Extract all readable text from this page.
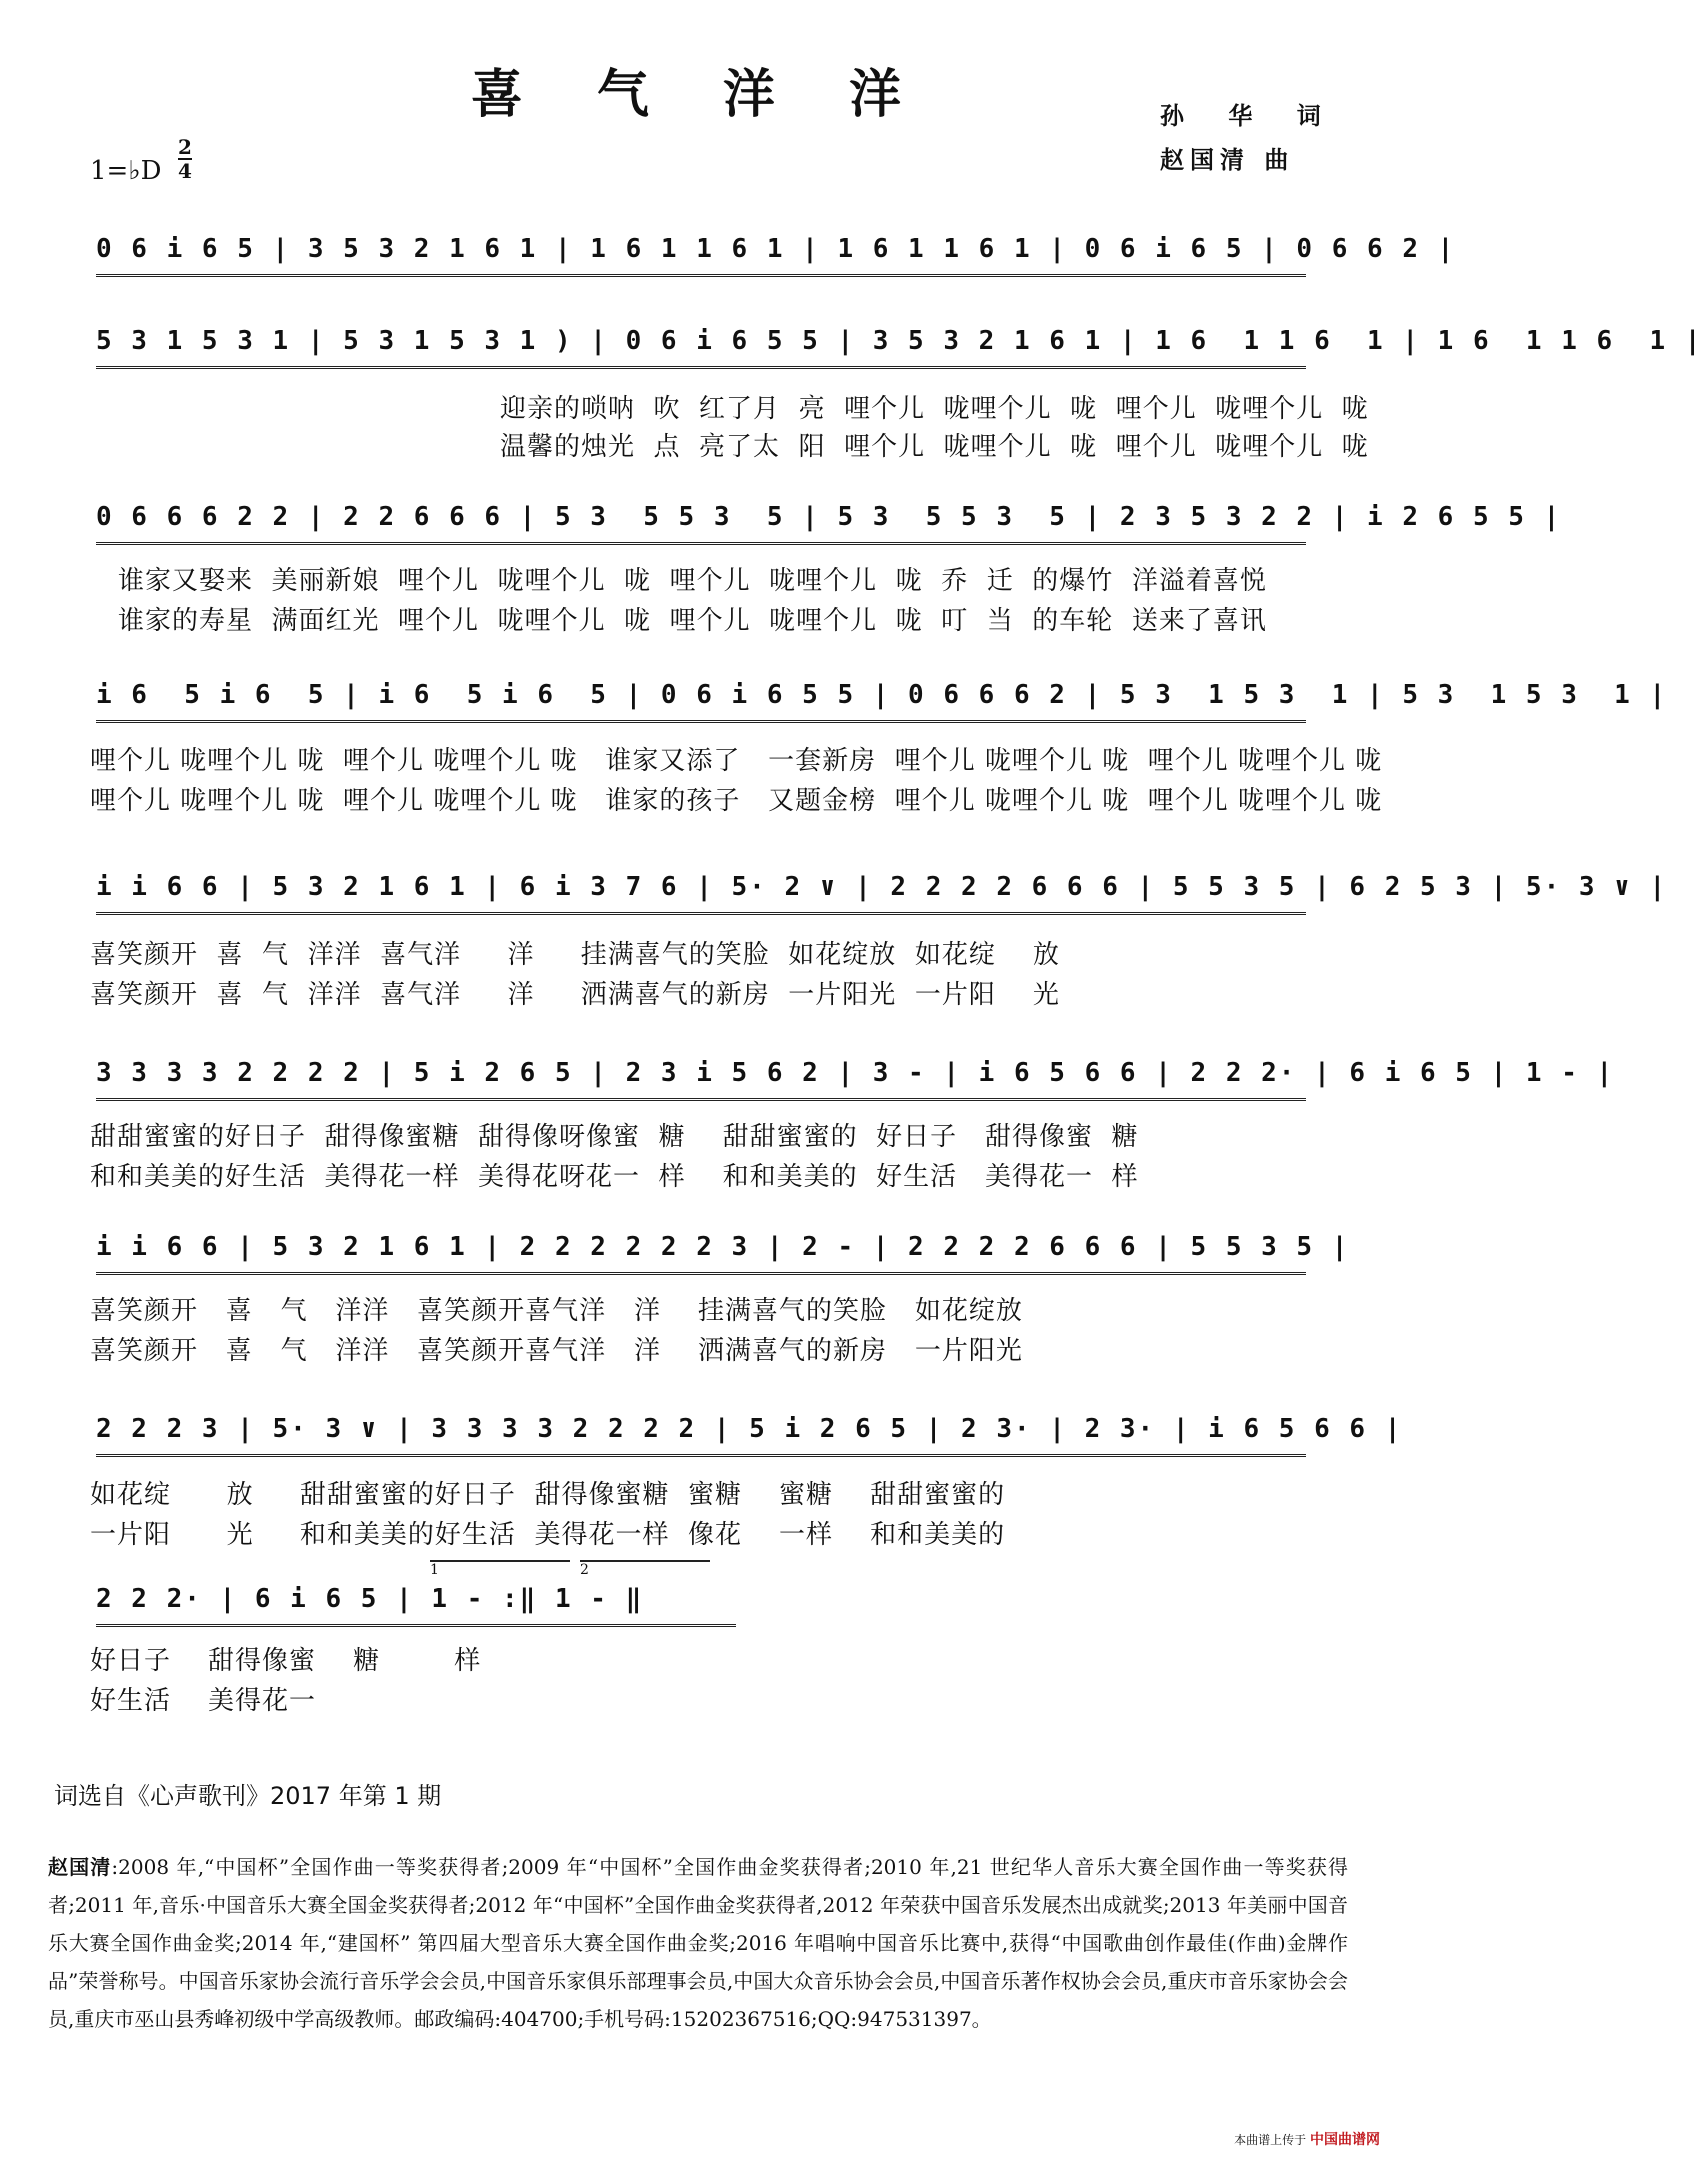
喜 气 洋 洋	孙 华 词
赵国清 曲
1=♭D
2
4
0 6 i 6 5 | 3 5 3 2 1 6 1 | 1 6 1 1 6 1 | 1 6 1 1 6 1 | 0 6 i 6 5 | 0 6 6 2 |
5 3 1 5 3 1 | 5 3 1 5 3 1 ) | 0 6 i 6 5 5 | 3 5 3 2 1 6 1 | 1 6  1 1 6  1 | 1 6  1 1 6  1 |
迎亲的唢呐  吹  红了月  亮  哩个儿  咙哩个儿  咙  哩个儿  咙哩个儿  咙
温馨的烛光  点  亮了太  阳  哩个儿  咙哩个儿  咙  哩个儿  咙哩个儿  咙
0 6 6 6 2 2 | 2 2 6 6 6 | 5 3  5 5 3  5 | 5 3  5 5 3  5 | 2 3 5 3 2 2 | i 2 6 5 5 |
谁家又娶来  美丽新娘  哩个儿  咙哩个儿  咙  哩个儿  咙哩个儿  咙  乔  迁  的爆竹  洋溢着喜悦
谁家的寿星  满面红光  哩个儿  咙哩个儿  咙  哩个儿  咙哩个儿  咙  叮  当  的车轮  送来了喜讯
i 6  5 i 6  5 | i 6  5 i 6  5 | 0 6 i 6 5 5 | 0 6 6 6 2 | 5 3  1 5 3  1 | 5 3  1 5 3  1 |
哩个儿 咙哩个儿 咙  哩个儿 咙哩个儿 咙   谁家又添了   一套新房  哩个儿 咙哩个儿 咙  哩个儿 咙哩个儿 咙
哩个儿 咙哩个儿 咙  哩个儿 咙哩个儿 咙   谁家的孩子   又题金榜  哩个儿 咙哩个儿 咙  哩个儿 咙哩个儿 咙
i i 6 6 | 5 3 2 1 6 1 | 6 i 3 7 6 | 5· 2 ∨ | 2 2 2 2 6 6 6 | 5 5 3 5 | 6 2 5 3 | 5· 3 ∨ |
喜笑颜开  喜  气  洋洋  喜气洋     洋     挂满喜气的笑脸  如花绽放  如花绽    放
喜笑颜开  喜  气  洋洋  喜气洋     洋     洒满喜气的新房  一片阳光  一片阳    光
3 3 3 3 2 2 2 2 | 5 i 2 6 5 | 2 3 i 5 6 2 | 3 - | i 6 5 6 6 | 2 2 2· | 6 i 6 5 | 1 - |
甜甜蜜蜜的好日子  甜得像蜜糖  甜得像呀像蜜  糖    甜甜蜜蜜的  好日子   甜得像蜜  糖
和和美美的好生活  美得花一样  美得花呀花一  样    和和美美的  好生活   美得花一  样
i i 6 6 | 5 3 2 1 6 1 | 2 2 2 2 2 2 3 | 2 - | 2 2 2 2 6 6 6 | 5 5 3 5 |
喜笑颜开   喜   气   洋洋   喜笑颜开喜气洋   洋    挂满喜气的笑脸   如花绽放
喜笑颜开   喜   气   洋洋   喜笑颜开喜气洋   洋    洒满喜气的新房   一片阳光
2 2 2 3 | 5· 3 ∨ | 3 3 3 3 2 2 2 2 | 5 i 2 6 5 | 2 3· | 2 3· | i 6 5 6 6 |
如花绽      放     甜甜蜜蜜的好日子  甜得像蜜糖  蜜糖    蜜糖    甜甜蜜蜜的
一片阳      光     和和美美的好生活  美得花一样  像花    一样    和和美美的
1	2
2 2 2· | 6 i 6 5 | 1 - :‖ 1 - ‖
好日子    甜得像蜜    糖        样
好生活    美得花一
词选自《心声歌刊》2017 年第 1 期
赵国清:2008 年,“中国杯”全国作曲一等奖获得者;2009 年“中国杯”全国作曲金奖获得者;2010 年,21 世纪华人音乐大赛全国作曲一等奖获得者;2011 年,音乐·中国音乐大赛全国金奖获得者;2012 年“中国杯”全国作曲金奖获得者,2012 年荣获中国音乐发展杰出成就奖;2013 年美丽中国音乐大赛全国作曲金奖;2014 年,“建国杯” 第四届大型音乐大赛全国作曲金奖;2016 年唱响中国音乐比赛中,获得“中国歌曲创作最佳(作曲)金牌作品”荣誉称号。中国音乐家协会流行音乐学会会员,中国音乐家俱乐部理事会员,中国大众音乐协会会员,中国音乐著作权协会会员,重庆市音乐家协会会员,重庆市巫山县秀峰初级中学高级教师。邮政编码:404700;手机号码:15202367516;QQ:947531397。
本曲谱上传于 中国曲谱网
